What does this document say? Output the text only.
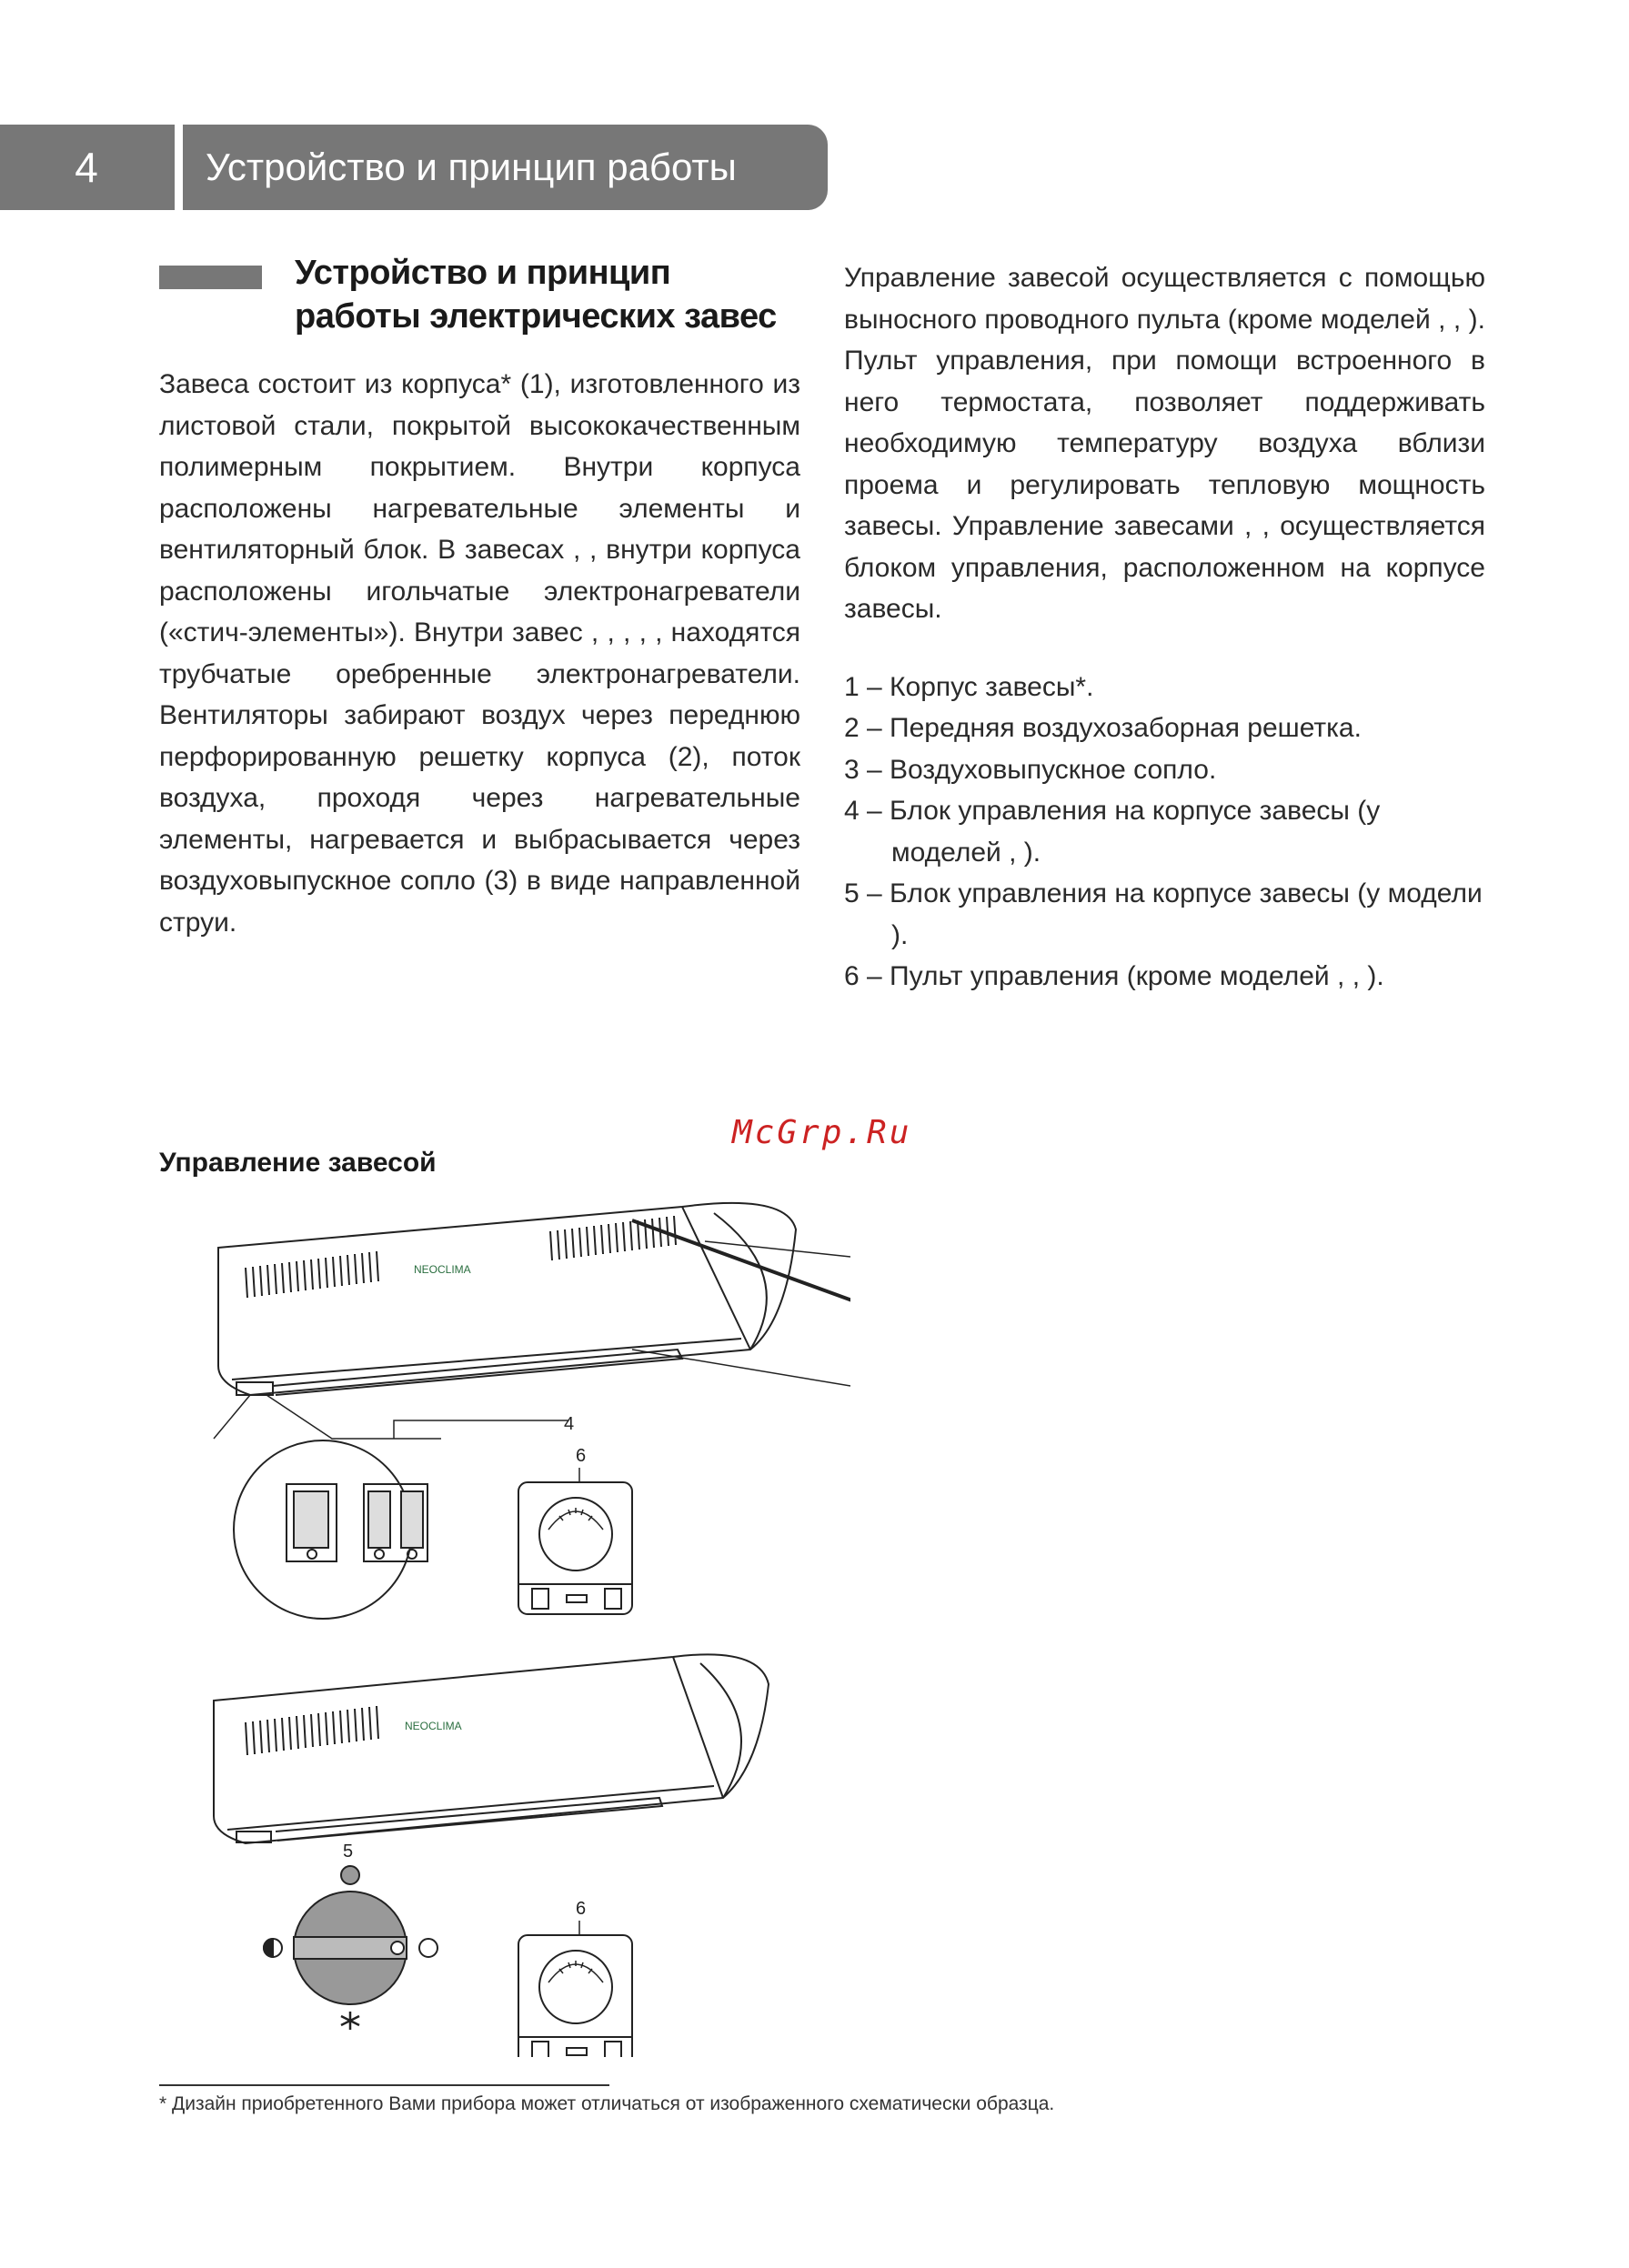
4	Устройство и принцип работы
Устройство и принцип
работы электрических завес

Завеса состоит из корпуса* (1), изготовленного из листовой стали, покрытой высококачественным полимерным покрытием. Внутри корпуса расположены нагревательные элементы и вентиляторный блок. В завесах , , внутри корпуса расположены игольчатые электронагреватели («стич-элементы»). Внутри завес , , , , , находятся трубчатые оребренные электронагреватели. Вентиляторы забирают воздух через переднюю перфорированную решетку корпуса (2), поток воздуха, проходя через нагревательные элементы, нагревается и выбрасывается через воздуховыпускное сопло (3) в виде направленной струи.

Управление завесой осуществляется с помощью выносного проводного пульта (кроме моделей , , ). Пульт управления, при помощи встроенного в него термостата, позволяет поддерживать необходимую температуру воздуха вблизи проема и регулировать тепловую мощность завесы. Управление завесами , , осуществляется блоком управления, расположенном на корпусе завесы.

1 – Корпус завесы*.
2 – Передняя воздухозаборная решетка.
3 – Воздуховыпускное сопло.
4 – Блок управления на корпусе завесы (у моделей , ).
5 – Блок управления на корпусе завесы (у модели ).
6 – Пульт управления (кроме моделей , , ).
McGrp.Ru
Управление завесой
NEOCLIMA
4
6
NEOCLIMA
5
6

* Дизайн приобретенного Вами прибора может отличаться от изображенного схематически образца.
